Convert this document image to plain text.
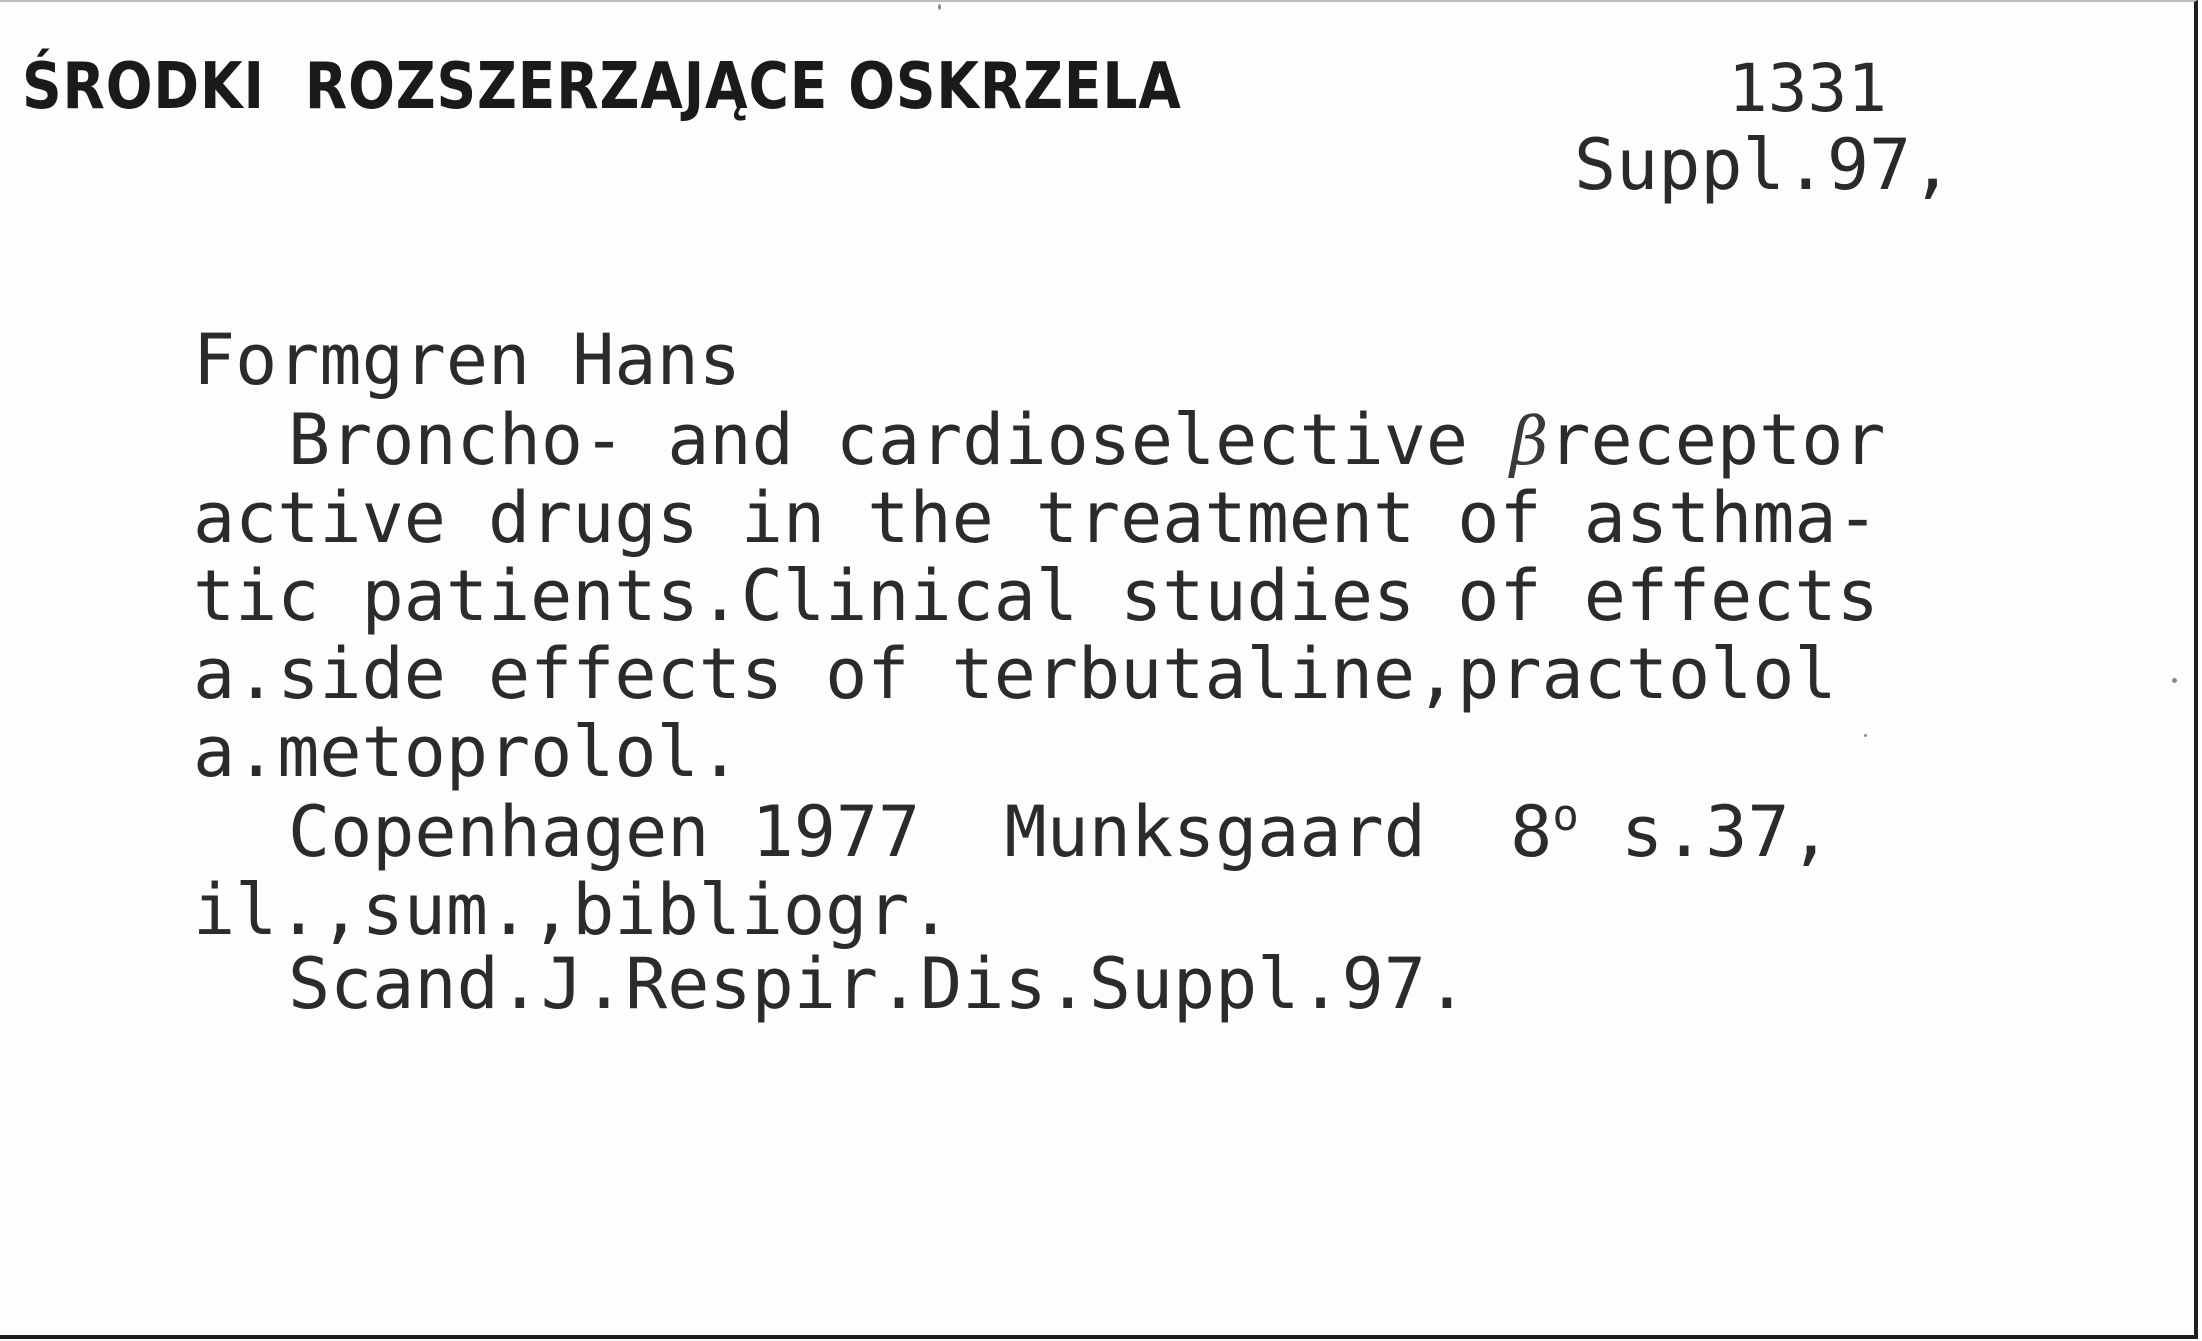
ŚRODKI  ROZSZERZAJĄCE OSKRZELA	1331
Suppl.97,
Formgren Hans
Broncho- and cardioselective βreceptor
active drugs in the treatment of asthma-
tic patients.Clinical studies of effects
a.side effects of terbutaline,practolol
a.metoprolol.
Copenhagen 1977  Munksgaard  8$^o$ s.37,
il.,sum.,bibliogr.
Scand.J.Respir.Dis.Suppl.97.
